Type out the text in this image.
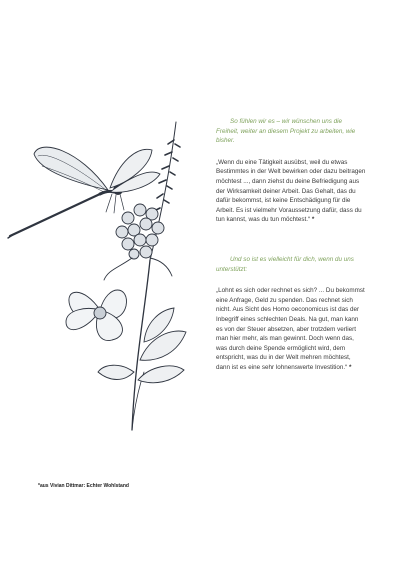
So fühlen wir es – wir wünschen uns die Freiheit, weiter an diesem Projekt zu arbeiten, wie bisher.

„Wenn du eine Tätigkeit ausübst, weil du etwas Bestimmtes in der Welt bewirken oder dazu beitragen möchtest ..., dann ziehst du deine Befriedigung aus der Wirksamkeit deiner Arbeit. Das Gehalt, das du dafür bekommst, ist keine Entschädigung für die Arbeit. Es ist vielmehr Voraussetzung dafür, dass du tun kannst, was du tun möchtest.“ *

Und so ist es vielleicht für dich, wenn du uns unterstützt:

„Lohnt es sich oder rechnet es sich? ... Du bekommst eine Anfrage, Geld zu spenden. Das rechnet sich nicht. Aus Sicht des Homo oeconomicus ist das der Inbegriff eines schlechten Deals. Na gut, man kann es von der Steuer absetzen, aber trotzdem verliert man hier mehr, als man gewinnt. Doch wenn das, was durch deine Spende ermöglicht wird, dem entspricht, was du in der Welt mehren möchtest, dann ist es eine sehr lohnenswerte Investition.“ *

*aus Vivian Dittmar: Echter Wohlstand
